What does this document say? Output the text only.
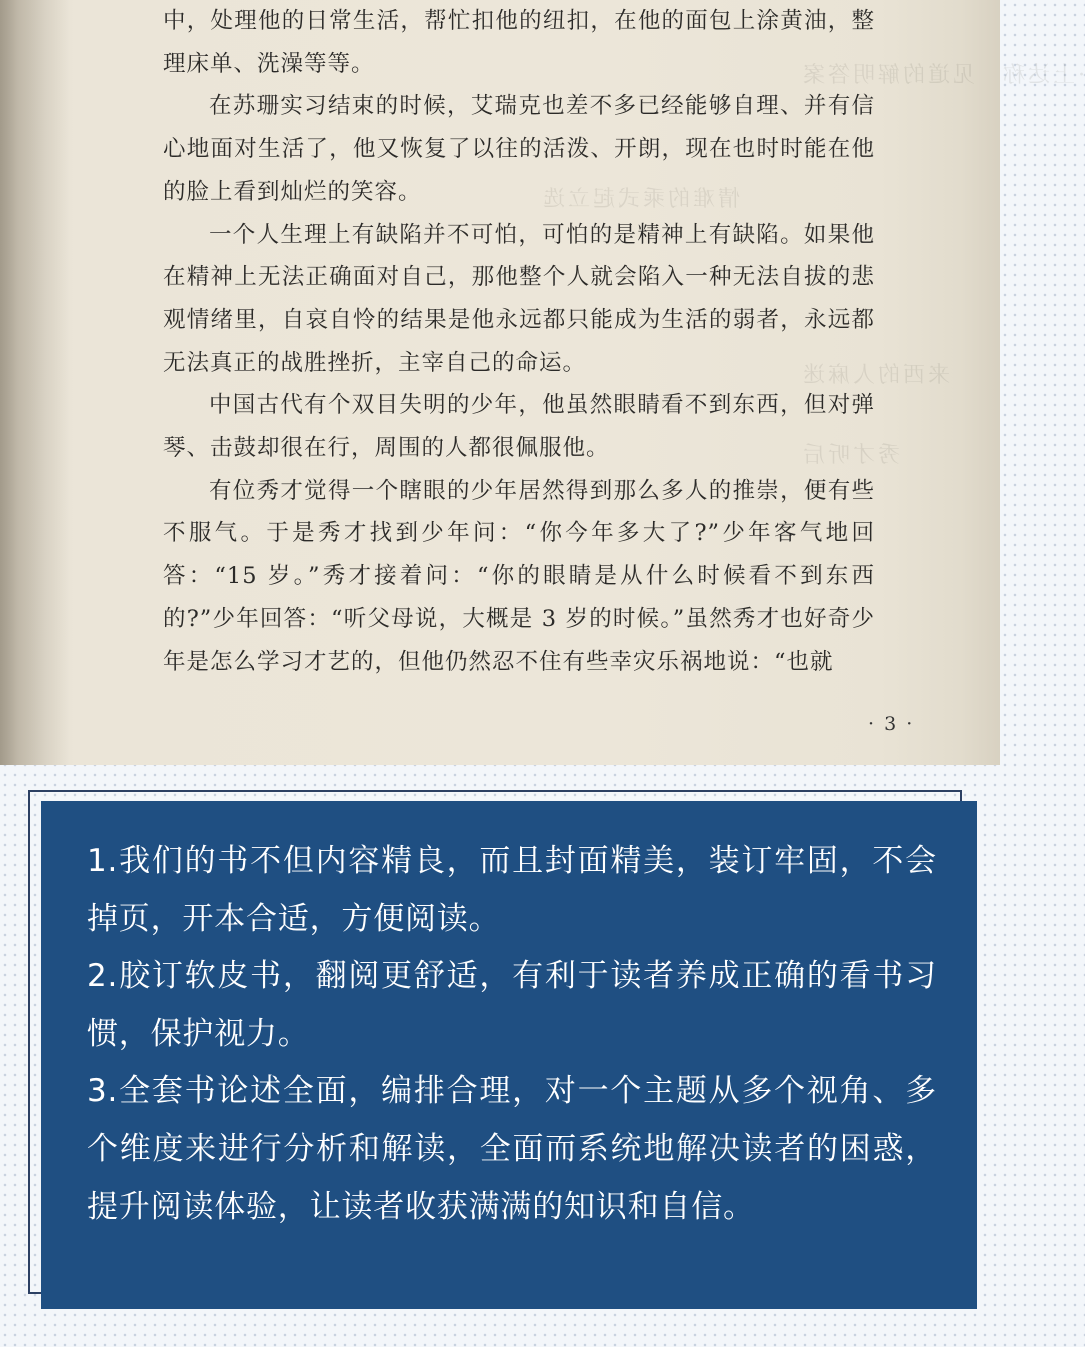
·上达称　见道的解明答案
情难的乘式起立选
来西的人麻迷
秀才听后

中，处理他的日常生活，帮忙扣他的纽扣，在他的面包上涂黄油，整理床单、洗澡等等。

在苏珊实习结束的时候，艾瑞克也差不多已经能够自理、并有信心地面对生活了，他又恢复了以往的活泼、开朗，现在也时时能在他的脸上看到灿烂的笑容。

一个人生理上有缺陷并不可怕，可怕的是精神上有缺陷。如果他在精神上无法正确面对自己，那他整个人就会陷入一种无法自拔的悲观情绪里，自哀自怜的结果是他永远都只能成为生活的弱者，永远都无法真正的战胜挫折，主宰自己的命运。

中国古代有个双目失明的少年，他虽然眼睛看不到东西，但对弹琴、击鼓却很在行，周围的人都很佩服他。

有位秀才觉得一个瞎眼的少年居然得到那么多人的推崇，便有些不服气。于是秀才找到少年问：“你今年多大了?”少年客气地回答：“15 岁。”秀才接着问：“你的眼睛是从什么时候看不到东西的?”少年回答：“听父母说，大概是 3 岁的时候。”虽然秀才也好奇少年是怎么学习才艺的，但他仍然忍不住有些幸灾乐祸地说：“也就

· 3 ·

1.我们的书不但内容精良，而且封面精美，装订牢固，不会掉页，开本合适，方便阅读。

2.胶订软皮书，翻阅更舒适，有利于读者养成正确的看书习惯，保护视力。

3.全套书论述全面，编排合理，对一个主题从多个视角、多个维度来进行分析和解读，全面而系统地解决读者的困惑，提升阅读体验，让读者收获满满的知识和自信。
